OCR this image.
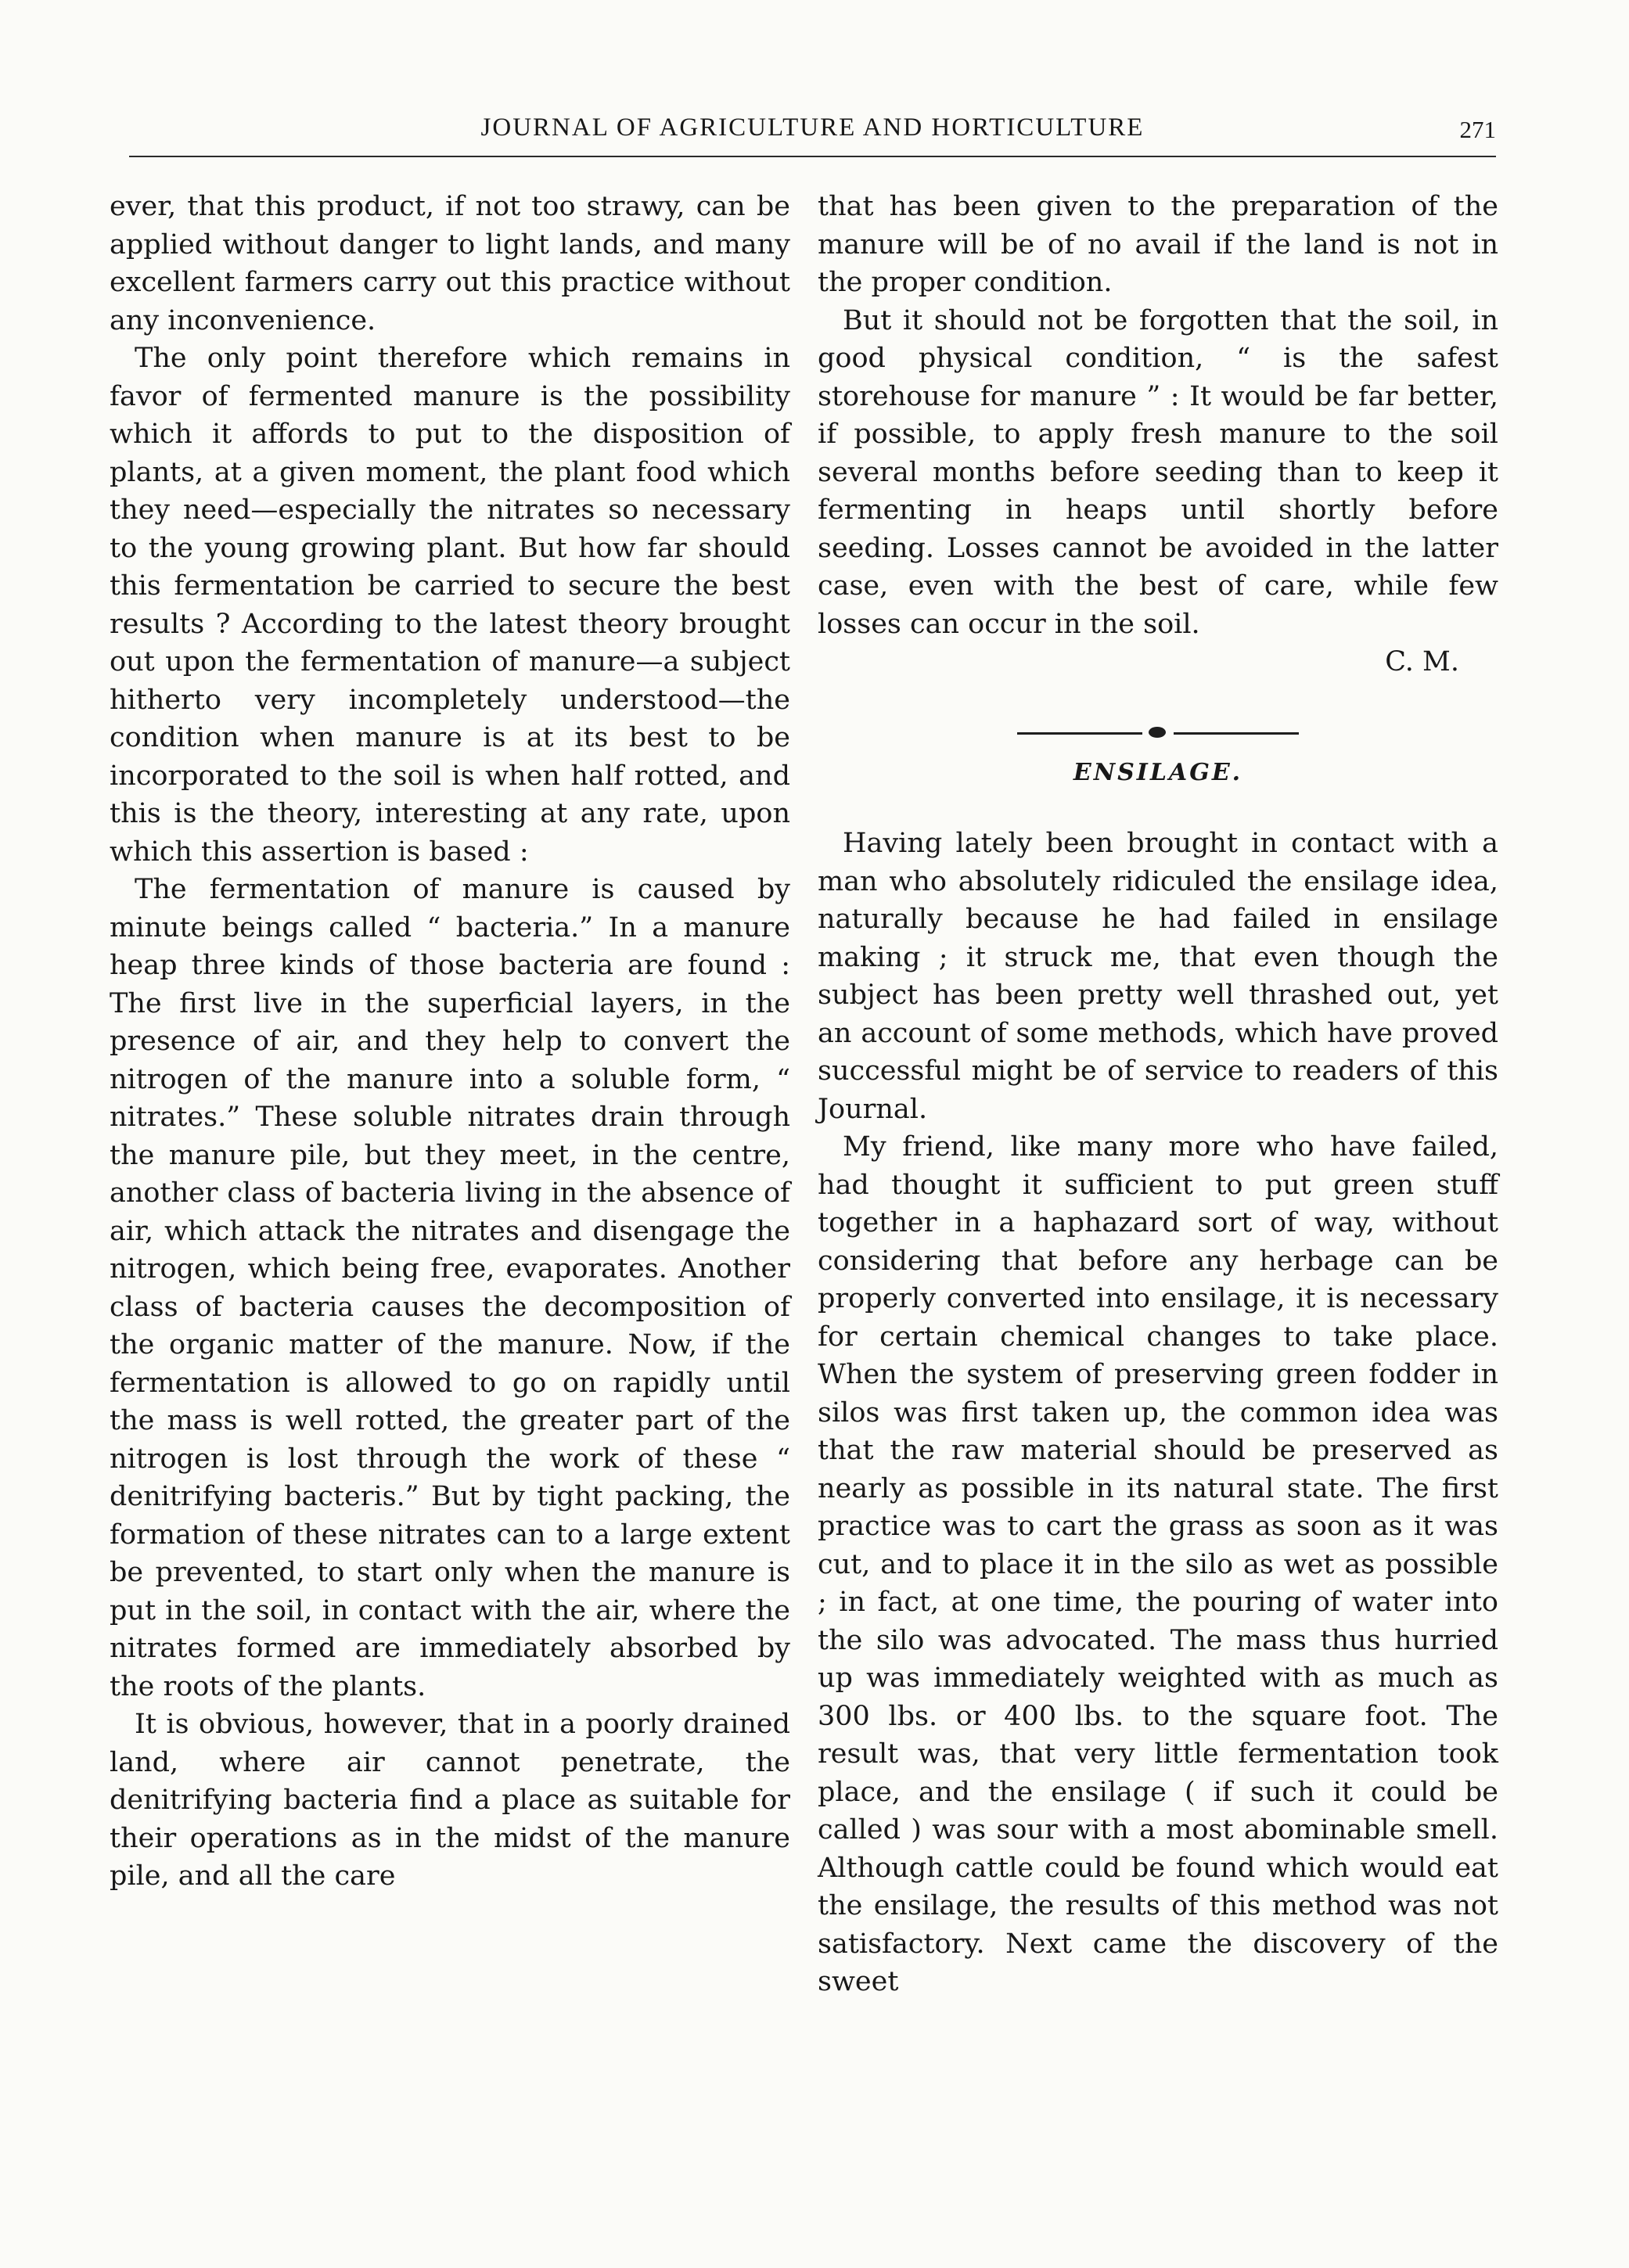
JOURNAL OF AGRICULTURE AND HORTICULTURE	271

ever, that this product, if not too strawy, can be applied without danger to light lands, and many excellent farmers carry out this practice without any inconvenience.

The only point therefore which remains in favor of fermented manure is the possibility which it affords to put to the disposition of plants, at a given moment, the plant food which they need—especially the nitrates so necessary to the young growing plant. But how far should this fermentation be carried to secure the best results ? According to the latest theory brought out upon the fermentation of manure—a subject hitherto very incompletely understood—the condition when manure is at its best to be incorporated to the soil is when half rotted, and this is the theory, interesting at any rate, upon which this assertion is based :

The fermentation of manure is caused by minute beings called “ bacteria.” In a manure heap three kinds of those bacteria are found : The first live in the superficial layers, in the presence of air, and they help to convert the nitrogen of the manure into a soluble form, “ nitrates.” These soluble nitrates drain through the manure pile, but they meet, in the centre, another class of bacteria living in the absence of air, which attack the nitrates and disengage the nitrogen, which being free, evaporates. Another class of bacteria causes the decomposition of the organic matter of the manure. Now, if the fermentation is allowed to go on rapidly until the mass is well rotted, the greater part of the nitrogen is lost through the work of these “ denitrifying bacteris.” But by tight packing, the formation of these nitrates can to a large extent be prevented, to start only when the manure is put in the soil, in contact with the air, where the nitrates formed are immediately absorbed by the roots of the plants.

It is obvious, however, that in a poorly drained land, where air cannot penetrate, the denitrifying bacteria find a place as suitable for their operations as in the midst of the manure pile, and all the care

that has been given to the preparation of the manure will be of no avail if the land is not in the proper condition.

But it should not be forgotten that the soil, in good physical condition, “ is the safest storehouse for manure ” : It would be far better, if possible, to apply fresh manure to the soil several months before seeding than to keep it fermenting in heaps until shortly before seeding. Losses cannot be avoided in the latter case, even with the best of care, while few losses can occur in the soil.

C. M.
ENSILAGE.

Having lately been brought in contact with a man who absolutely ridiculed the ensilage idea, naturally because he had failed in ensilage making ; it struck me, that even though the subject has been pretty well thrashed out, yet an account of some methods, which have proved successful might be of service to readers of this Journal.

My friend, like many more who have failed, had thought it sufficient to put green stuff together in a haphazard sort of way, without considering that before any herbage can be properly converted into ensilage, it is necessary for certain chemical changes to take place. When the system of preserving green fodder in silos was first taken up, the common idea was that the raw material should be preserved as nearly as possible in its natural state. The first practice was to cart the grass as soon as it was cut, and to place it in the silo as wet as possible ; in fact, at one time, the pouring of water into the silo was advocated. The mass thus hurried up was immediately weighted with as much as 300 lbs. or 400 lbs. to the square foot. The result was, that very little fermentation took place, and the ensilage ( if such it could be called ) was sour with a most abominable smell. Although cattle could be found which would eat the ensilage, the results of this method was not satisfactory. Next came the discovery of the sweet
